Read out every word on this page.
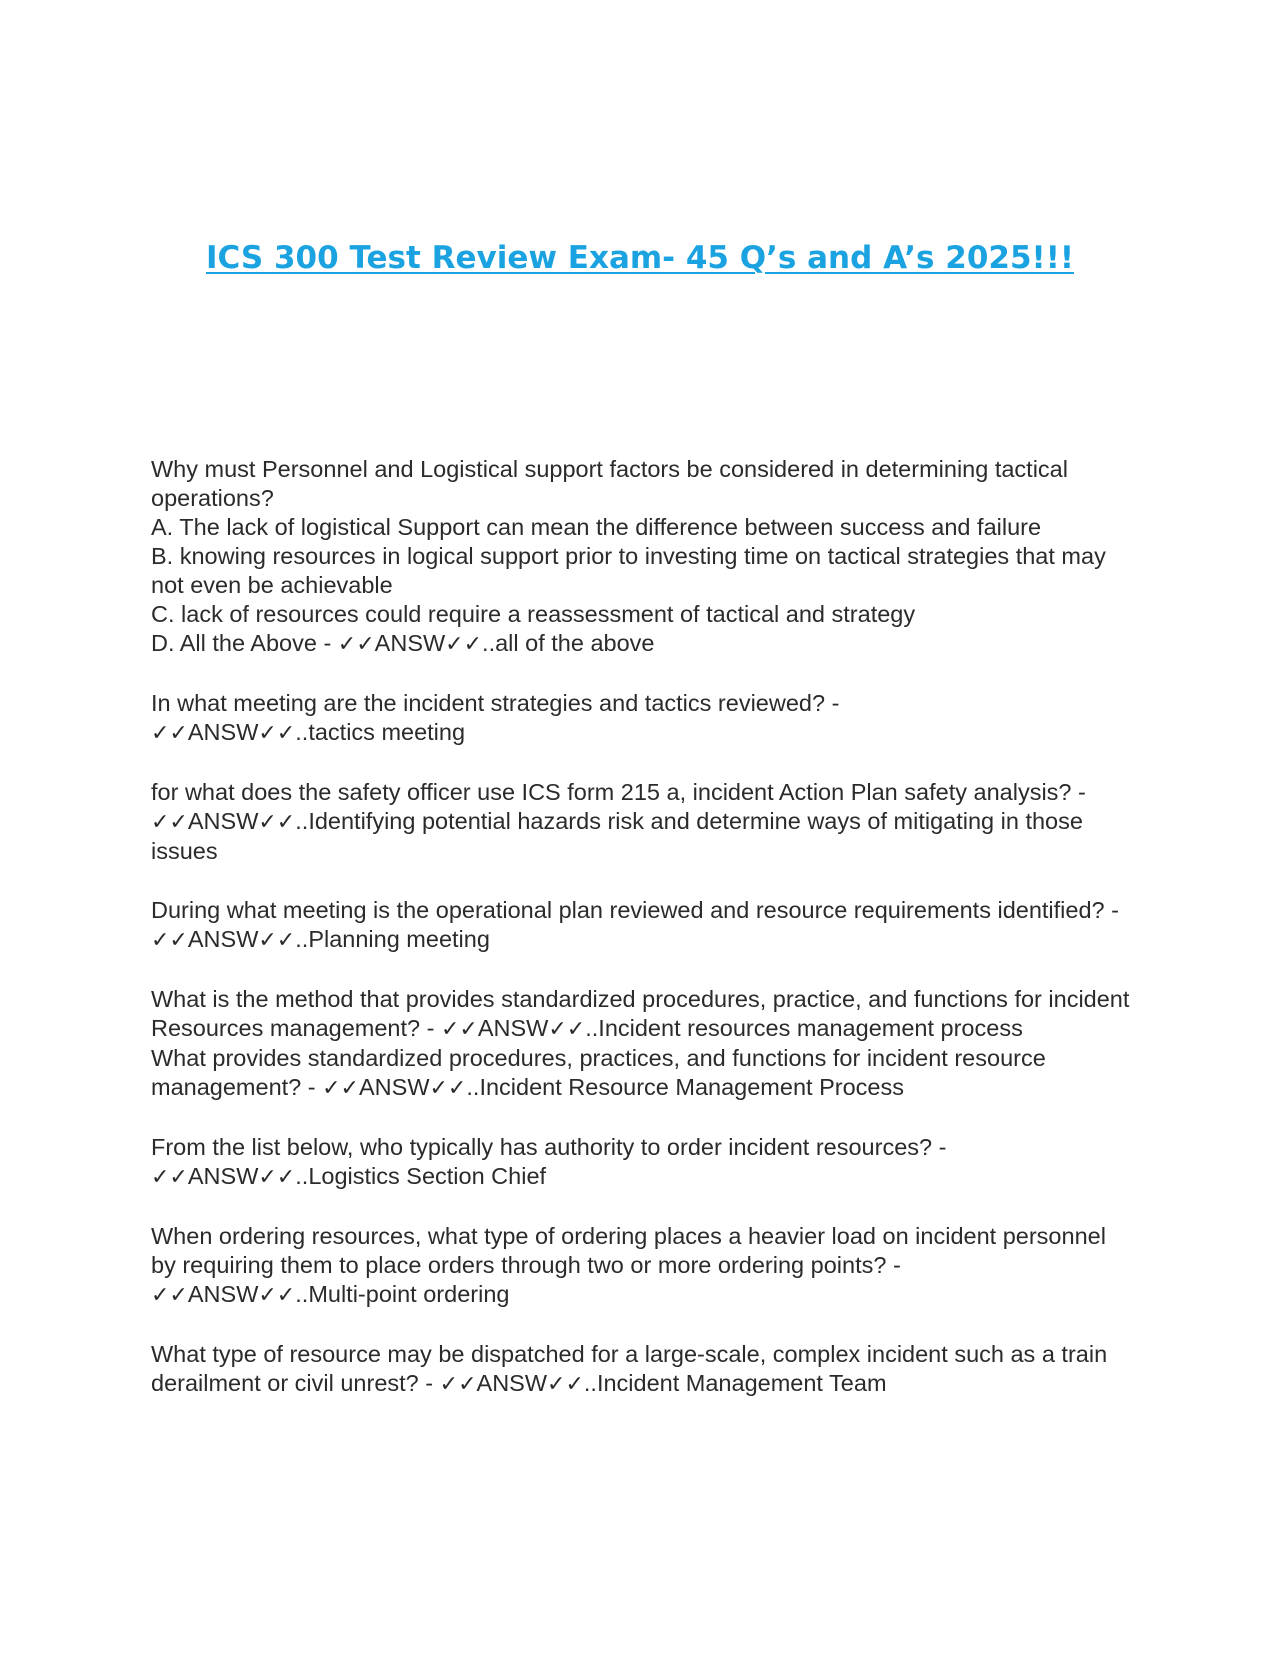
ICS 300 Test Review Exam- 45 Q’s and A’s 2025!!!
Why must Personnel and Logistical support factors be considered in determining tactical operations?
A. The lack of logistical Support can mean the difference between success and failure
B. knowing resources in logical support prior to investing time on tactical strategies that may not even be achievable
C. lack of resources could require a reassessment of tactical and strategy
D. All the Above - ✓✓ANSW✓✓..all of the above
In what meeting are the incident strategies and tactics reviewed? -
✓✓ANSW✓✓..tactics meeting
for what does the safety officer use ICS form 215 a, incident Action Plan safety analysis? - ✓✓ANSW✓✓..Identifying potential hazards risk and determine ways of mitigating in those issues
During what meeting is the operational plan reviewed and resource requirements identified? - ✓✓ANSW✓✓..Planning meeting
What is the method that provides standardized procedures, practice, and functions for incident Resources management? - ✓✓ANSW✓✓..Incident resources management process
What provides standardized procedures, practices, and functions for incident resource management? - ✓✓ANSW✓✓..Incident Resource Management Process
From the list below, who typically has authority to order incident resources? -
✓✓ANSW✓✓..Logistics Section Chief
When ordering resources, what type of ordering places a heavier load on incident personnel by requiring them to place orders through two or more ordering points? -
✓✓ANSW✓✓..Multi-point ordering
What type of resource may be dispatched for a large-scale, complex incident such as a train derailment or civil unrest? - ✓✓ANSW✓✓..Incident Management Team
